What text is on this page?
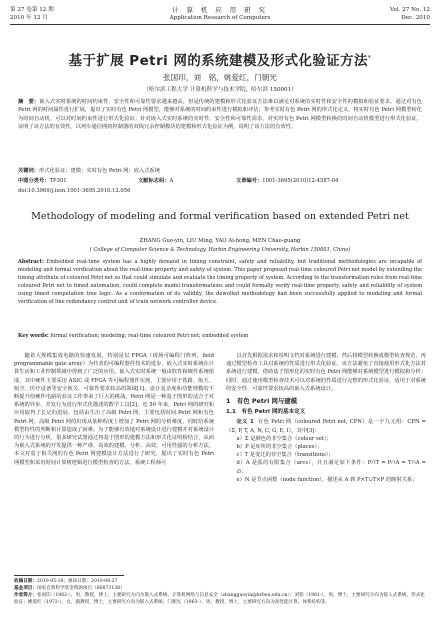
第 27 卷第 12 期
2010 年 12 月
计 算 机 应 用 研 究
Application Research of Computers
Vol. 27 No. 12
Dec. 2010
基于扩展 Petri 网的系统建模及形式化验证方法*
张国印，刘　铭，姚爱红，门朝光
（哈尔滨工程大学 计算机科学与技术学院，哈尔滨 150001）
摘　要：嵌入式实时系统的时间约束性、安全性和可靠性要求越来越高，但是传统的建模和形式化验证方法难以满足对系统的实时性和安全性的模拟和验证要求。通过对有色 Petri 网的时间属性进行扩展，提出了实时有色 Petri 网模型，能够对系统的时间约束性进行模拟和评估；参考实时有色 Petri 网的形式化定义，将实时有色 Petri 网模型转化为时间自动机，可以对时间约束性进行形式化验证；针对嵌入式实时系统的实时性、安全性和可靠性需求，对实时有色 Petri 网模型转换的时间自动机模型进行形式化验证，证明了该方法的有效性。以列车通信网络控制器的双线冗余控制模块的建模和形式化验证为例，说明了该方法的有效性。
关键词：形式化验证；建模；实时有色 Petri 网；嵌入式系统
中图分类号：TP301	文献标志码：A	文章编号：1001-3695(2010)12-4587-04
doi:10.3969/j.issn.1001-3695.2010.12.056
Methodology of modeling and formal verification based on extended Petri net
ZHANG Guo-yin, LIU Ming, YAO Ai-hong, MEN Chao-guang
( College of Computer Science & Technology, Harbin Engineering University, Harbin 150001, China)
Abstract: Embedded real-time system has a highly demand in timing constraint, safety and reliability, but traditional methodologies are incapable of modeling and formal verification about the real-time property and safety of system. This paper proposed real-time coloured Petri net model by extending the timing attribute of coloured Petri net so that could simulate and evaluate the timing property of system. According to the transformation rules from real-time coloured Petri net to timed automation, could complete model transformations and could formally verify real-time property, safety and reliability of system using timed computation tree logic. As a conformation of its validity, the dewolled methodology had been successfully applied to modeling and formal verification of line redundancy control unit of train network controller device.
Key words: formal verification; modeling; real-time coloured Petri net; embedded system

随着大规模集成电路的快速发展，特别是以 FPGA（现场可编程门阵列，field programmable gate array）为代表的可编程器件技术的进步，嵌入式实时系统在计算生活和工业控制领域中得到了广泛的应用。嵌入式实时系统一般由软件和硬件系统组成，其中硬件主要采用 ASIC 或 FPGA 等可编程器件实现，主要应用于铁路、航天、航空、医疗设备等安全攸关、可靠性要求较高的领域[1]。设计复杂度和功能规模的不断提升给硬件电路的验证工作带来了巨大的挑战。Petri 网是一种基于图形的适合于对系统的异步、并发行为进行形式化描述的数学工具[2]。近 50 年来，Petri 网的研究和应用取得了长足的进展，包括由生出了高级 Petri 网，主要包括时间 Petri 网和有色 Petri 网。高级 Petri 网的出现从某种程度上增加了 Petri 网的分析难度，同时给系统模型特性的判断和计算造成了困难。为了能够有效地对系统设计进行建模并对系统设计的行为进行分析，很多研究试图通过将基于图形的建模方法和形式化证明相结合，从而为嵌入式系统的开发提供一种严谨、高效的建模、分析、高效、可用性强的分析方法。本文对基于相关网的有色 Petri 网建模设计方法进行了研究，提出了实时有色 Petri 网模型和采用时间计算树逻辑进行模型检查的方法。系统工程师可

以首先根据需求和说明文档对系统进行建模，然后将模型转换成模型检查规范，再通过模型检查工具对系统的性质进行形式化验证。该方法避免了直接使用形式化方法对系统进行建模，借助基于图形化的实时有色 Petri 网能够对系统模型进行模拟和分析；同时，通过使用模型检查技术可以对系统的性质进行完整的形式化验证，适用于对系统的安全性、可靠性要求较高的嵌入式系统设计。

1　有色 Petri 网与建模
1.1　有色 Petri 网的基本定义
定义 1 有色 Petri 网（coloured Petri net, CPN）是一个九元组：CPN =（Σ, P, T, A, N, C, G, E, I），其中[3]：
a）Σ 是颜色的非空集合（colour set）；
b）P 是库所的非空集合（places）；
c）T 是变迁的非空集合（transitions）；
d）A 是弧的有限集合（arcs），并且满足如下条件：P∩T = P∩A = T∩A = ∅；
e）N 是节点函数（node function），描述从 A 到 P×T∪T×P 的映射关系；
收稿日期：2010-05-18；修回日期：2010-06-27
基金项目：国家自然科学基金资助项目（60873138）
作者简介：张国印（1962-），男，教授，博士，主要研究方向为嵌入式系统、计算机网络与信息安全（zhangguoyin@hrbeu.edu.cn）；刘铭（1981-），男，博士，主要研究方向为嵌入式系统、形式化验证；姚爱红（1972-），女，副教授，博士，主要研究方向为嵌入式系统；门朝光（1963-），男，教授，博士，主要研究方向为高性能计算、体系结构等。
